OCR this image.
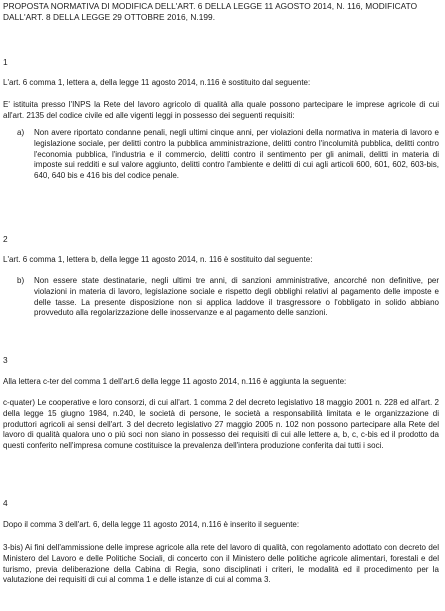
PROPOSTA NORMATIVA DI MODIFICA DELL'ART. 6 DELLA LEGGE 11 AGOSTO 2014, N. 116, MODIFICATO DALL'ART. 8 DELLA LEGGE 29 OTTOBRE 2016, N.199.
1
L'art. 6 comma 1, lettera a, della legge 11 agosto 2014, n.116 è sostituito dal seguente:
E' istituita presso l'INPS la Rete del lavoro agricolo di qualità alla quale possono partecipare le imprese agricole di cui all'art. 2135 del codice civile ed alle vigenti leggi in possesso dei seguenti requisiti:
a) Non avere riportato condanne penali, negli ultimi cinque anni, per violazioni della normativa in materia di lavoro e legislazione sociale, per delitti contro la pubblica amministrazione, delitti contro l'incolumità pubblica, delitti contro l'economia pubblica, l'industria e il commercio, delitti contro il sentimento per gli animali, delitti in materia di imposte sui redditi e sul valore aggiunto, delitti contro l'ambiente e delitti di cui agli articoli 600, 601, 602, 603-bis, 640, 640 bis e 416 bis del codice penale.
2
L'art. 6 comma 1, lettera b, della legge 11 agosto 2014, n. 116 è sostituito dal seguente:
b) Non essere state destinatarie, negli ultimi tre anni, di sanzioni amministrative, ancorché non definitive, per violazioni in materia di lavoro, legislazione sociale e rispetto degli obblighi relativi al pagamento delle imposte e delle tasse. La presente disposizione non si applica laddove il trasgressore o l'obbligato in solido abbiano provveduto alla regolarizzazione delle inosservanze e al pagamento delle sanzioni.
3
Alla lettera c-ter del comma 1 dell'art.6 della legge 11 agosto 2014, n.116 è aggiunta la seguente:
c-quater) Le cooperative e loro consorzi, di cui all'art. 1 comma 2 del decreto legislativo 18 maggio 2001 n. 228 ed all'art. 2 della legge 15 giugno 1984, n.240, le società di persone, le società a responsabilità limitata e le organizzazione di produttori agricoli ai sensi dell'art. 3 del decreto legislativo 27 maggio 2005 n. 102 non possono partecipare alla Rete del lavoro di qualità qualora uno o più soci non siano in possesso dei requisiti di cui alle lettere a, b, c, c-bis ed il prodotto da questi conferito nell'impresa comune costituisce la prevalenza dell'intera produzione conferita dai tutti i soci.
4
Dopo il comma 3 dell'art. 6, della legge 11 agosto 2014, n.116 è inserito il seguente:
3-bis) Ai fini dell'ammissione delle imprese agricole alla rete del lavoro di qualità, con regolamento adottato con decreto del Ministero del Lavoro e delle Politiche Sociali, di concerto con il Ministero delle politiche agricole alimentari, forestali e del turismo, previa deliberazione della Cabina di Regia, sono disciplinati i criteri, le modalità ed il procedimento per la valutazione dei requisiti di cui al comma 1 e delle istanze di cui al comma 3.
